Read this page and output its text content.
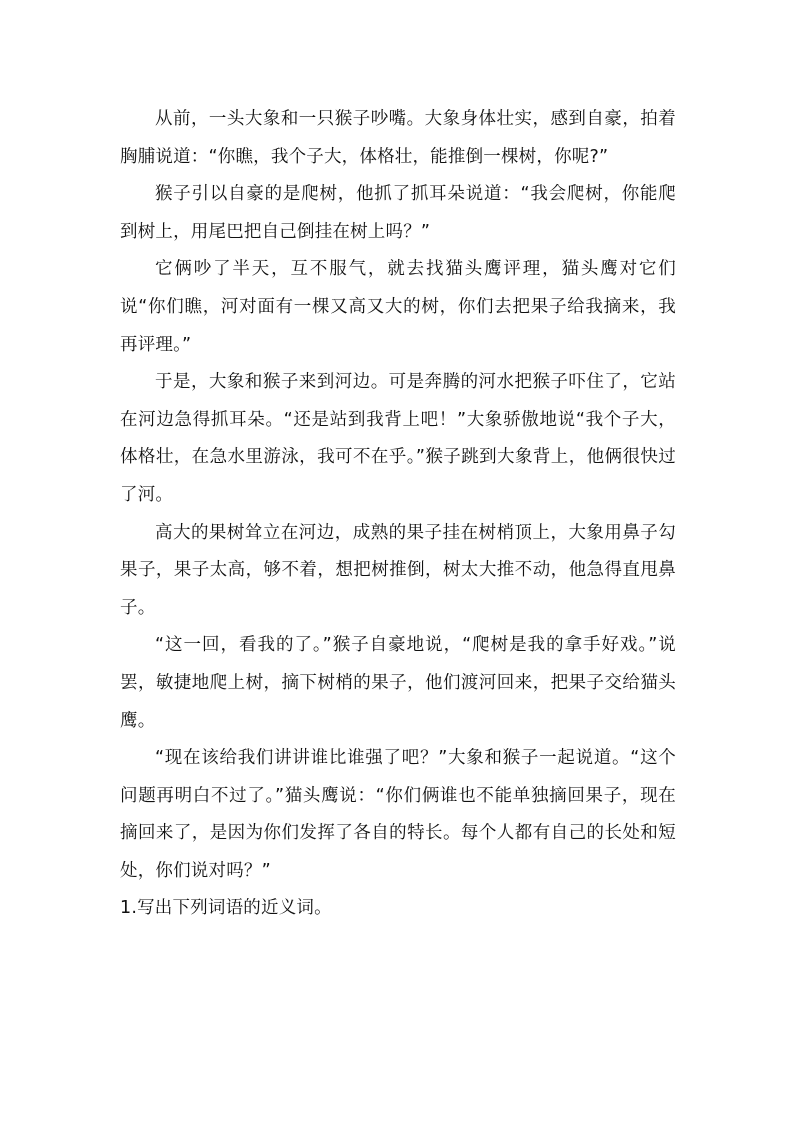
从前，一头大象和一只猴子吵嘴。大象身体壮实，感到自豪，拍着胸脯说道：“你瞧，我个子大，体格壮，能推倒一棵树，你呢?”

猴子引以自豪的是爬树，他抓了抓耳朵说道：“我会爬树，你能爬到树上，用尾巴把自己倒挂在树上吗？”

它俩吵了半天，互不服气，就去找猫头鹰评理，猫头鹰对它们说“你们瞧，河对面有一棵又高又大的树，你们去把果子给我摘来，我再评理。”

于是，大象和猴子来到河边。可是奔腾的河水把猴子吓住了，它站在河边急得抓耳朵。“还是站到我背上吧！”大象骄傲地说“我个子大，体格壮，在急水里游泳，我可不在乎。”猴子跳到大象背上，他俩很快过了河。

高大的果树耸立在河边，成熟的果子挂在树梢顶上，大象用鼻子勾果子，果子太高，够不着，想把树推倒，树太大推不动，他急得直甩鼻子。

“这一回，看我的了。”猴子自豪地说，“爬树是我的拿手好戏。”说罢，敏捷地爬上树，摘下树梢的果子，他们渡河回来，把果子交给猫头鹰。

“现在该给我们讲讲谁比谁强了吧？”大象和猴子一起说道。“这个问题再明白不过了。”猫头鹰说：“你们俩谁也不能单独摘回果子，现在摘回来了，是因为你们发挥了各自的特长。每个人都有自己的长处和短处，你们说对吗？”

1.写出下列词语的近义词。
